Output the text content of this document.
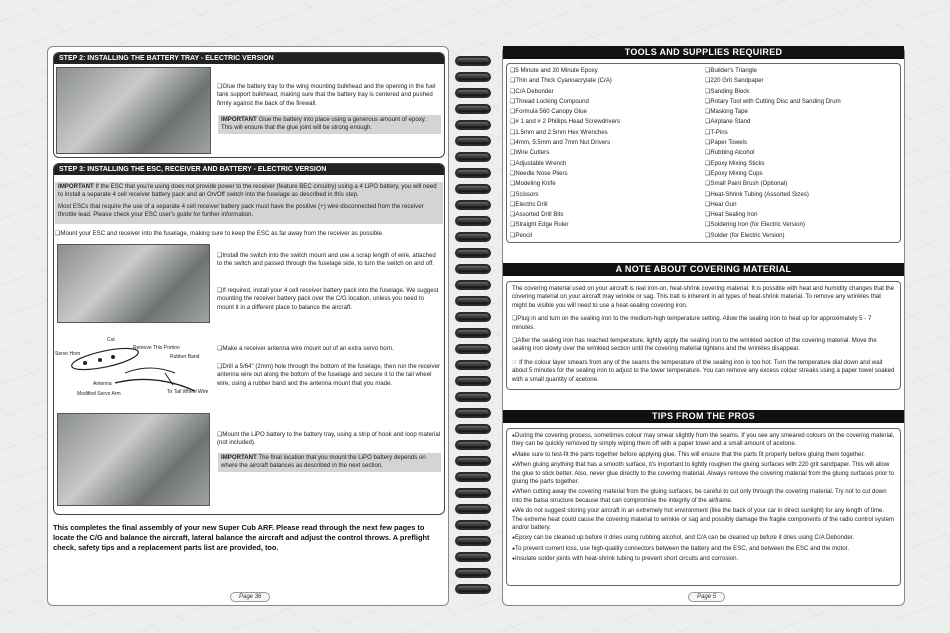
STEP 2: INSTALLING THE BATTERY TRAY - ELECTRIC VERSION
❑ Glue the battery tray to the wing mounting bulkhead and the opening in the fuel tank support bulkhead, making sure that the battery tray is centered and pushed firmly against the back of the firewall.
IMPORTANT Glue the battery into place using a generous amount of epoxy. This will ensure that the glue joint will be strong enough.
STEP 3: INSTALLING THE ESC, RECEIVER AND BATTERY - ELECTRIC VERSION
IMPORTANT If the ESC that you're using does not provide power to the receiver (feature BEC circuitry) using a 4 LiPO battery, you will need to install a separate 4 cell receiver battery pack and an On/Off switch into the fuselage as described in this step.
Most ESCs that require the use of a separate 4 cell receiver battery pack must have the positive (+) wire disconnected from the receiver throttle lead. Please check your ESC user's guide for further information.
❑ Mount your ESC and receiver into the fuselage, making sure to keep the ESC as far away from the receiver as possible.
❑ Install the switch into the switch mount and use a scrap length of wire, attached to the switch and passed through the fuselage side, to turn the switch on and off.
❑ If required, install your 4 cell receiver battery pack into the fuselage. We suggest mounting the receiver battery pack over the C/G location, unless you need to mount it in a different place to balance the aircraft.
Cut
Remove This Portion
Rubber Band
Servo Horn
Antenna
Modified Servo Arm	To Tail Wheel Wire
❑ Make a receiver antenna wire mount out of an extra servo horn.
❑ Drill a 5/64" (2mm) hole through the bottom of the fuselage, then run the receiver antenna wire out along the bottom of the fuselage and secure it to the tail wheel wire, using a rubber band and the antenna mount that you made.
❑ Mount the LiPO battery to the battery tray, using a strip of hook and loop material (not included).
IMPORTANT The final location that you mount the LiPO battery depends on where the aircraft balances as described in the next section.
This completes the final assembly of your new Super Cub ARF. Please read through the next few pages to locate the C/G and balance the aircraft, lateral balance the aircraft and adjust the control throws. A preflight check, safety tips and a replacement parts list are provided, too.
Page 36
TOOLS AND SUPPLIES REQUIRED
❑ 5 Minute and 30 Minute Epoxy
❑ Thin and Thick Cyanoacrylate (C/A)
❑ C/A Debonder
❑ Thread Locking Compound
❑ Formula 560 Canopy Glue
❑ # 1 and # 2 Phillips Head Screwdrivers
❑ 1.5mm and 2.5mm Hex Wrenches
❑ 4mm, 5.5mm and 7mm Nut Drivers
❑ Wire Cutters
❑ Adjustable Wrench
❑ Needle Nose Pliers
❑ Modeling Knife
❑ Scissors
❑ Electric Drill
❑ Assorted Drill Bits
❑ Straight Edge Ruler
❑ Pencil
❑ Builder's Triangle
❑ 220 Grit Sandpaper
❑ Sanding Block
❑ Rotary Tool with Cutting Disc and Sanding Drum
❑ Masking Tape
❑ Airplane Stand
❑ T-Pins
❑ Paper Towels
❑ Rubbing Alcohol
❑ Epoxy Mixing Sticks
❑ Epoxy Mixing Cups
❑ Small Paint Brush (Optional)
❑ Heat-Shrink Tubing (Assorted Sizes)
❑ Heat Gun
❑ Heat Sealing Iron
❑ Soldering Iron (for Electric Version)
❑ Solder (for Electric Version)
A NOTE ABOUT COVERING MATERIAL

The covering material used on your aircraft is real iron-on, heat-shrink covering material. It is possible with heat and humidity changes that the covering material on your aircraft may wrinkle or sag. This trait is inherent in all types of heat-shrink material. To remove any wrinkles that might be visible you will need to use a heat-sealing covering iron.

❑ Plug in and turn on the sealing iron to the medium-high temperature setting. Allow the sealing iron to heat up for approximately 5 - 7 minutes.

❑ After the sealing iron has reached temperature, lightly apply the sealing iron to the wrinkled section of the covering material. Move the sealing iron slowly over the wrinkled section until the covering material tightens and the wrinkles disappear.

☞ If the colour layer smears from any of the seams the temperature of the sealing iron is too hot. Turn the temperature dial down and wait about 5 minutes for the sealing iron to adjust to the lower temperature. You can remove any excess colour streaks using a paper towel soaked with a small quantity of acetone.

TIPS FROM THE PROS
● During the covering process, sometimes colour may smear slightly from the seams. If you see any smeared colours on the covering material, they can be quickly removed by simply wiping them off with a paper towel and a small amount of acetone.
● Make sure to test-fit the parts together before applying glue. This will ensure that the parts fit properly before gluing them together.
● When gluing anything that has a smooth surface, it's important to lightly roughen the gluing surfaces with 220 grit sandpaper. This will allow the glue to stick better. Also, never glue directly to the covering material. Always remove the covering material from the gluing surfaces prior to gluing the parts together.
● When cutting away the covering material from the gluing surfaces, be careful to cut only through the covering material. Try not to cut down into the balsa structure because that can compromise the integrity of the airframe.
● We do not suggest storing your aircraft in an extremely hot environment (like the back of your car in direct sunlight) for any length of time. The extreme heat could cause the covering material to wrinkle or sag and possibly damage the fragile components of the radio control system and/or battery.
● Epoxy can be cleaned up before it dries using rubbing alcohol, and C/A can be cleaned up before it dries using C/A Debonder.
● To prevent current loss, use high-quality connectors between the battery and the ESC, and between the ESC and the motor.
● Insulate solder joints with heat-shrink tubing to prevent short circuits and corrosion.
Page 5
